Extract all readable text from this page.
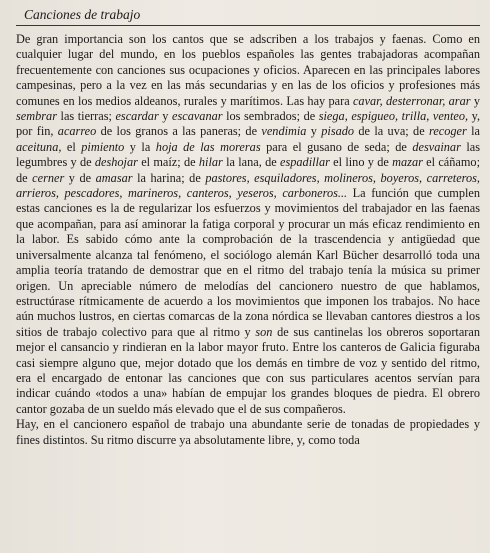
Canciones de trabajo

De gran importancia son los cantos que se adscriben a los trabajos y faenas. Como en cualquier lugar del mundo, en los pueblos españoles las gentes trabajadoras acompañan frecuentemente con canciones sus ocupaciones y oficios. Aparecen en las principales labores campesinas, pero a la vez en las más secundarias y en las de los oficios y profesiones más comunes en los medios aldeanos, rurales y marítimos. Las hay para cavar, desterronar, arar y sembrar las tierras; escardar y escavanar los sembrados; de siega, espigueo, trilla, venteo, y, por fin, acarreo de los granos a las paneras; de vendimia y pisado de la uva; de recoger la aceituna, el pimiento y la hoja de las moreras para el gusano de seda; de desvainar las legumbres y de deshojar el maíz; de hilar la lana, de espadillar el lino y de mazar el cáñamo; de cerner y de amasar la harina; de pastores, esquiladores, molineros, boyeros, carreteros, arrieros, pescadores, marineros, canteros, yeseros, carboneros... La función que cumplen estas canciones es la de regularizar los esfuerzos y movimientos del trabajador en las faenas que acompañan, para así aminorar la fatiga corporal y procurar un más eficaz rendimiento en la labor. Es sabido cómo ante la comprobación de la trascendencia y antigüedad que universalmente alcanza tal fenómeno, el sociólogo alemán Karl Bücher desarrolló toda una amplia teoría tratando de demostrar que en el ritmo del trabajo tenía la música su primer origen. Un apreciable número de melodías del cancionero nuestro de que hablamos, estructúrase rítmicamente de acuerdo a los movimientos que imponen los trabajos. No hace aún muchos lustros, en ciertas comarcas de la zona nórdica se llevaban cantores diestros a los sitios de trabajo colectivo para que al ritmo y son de sus cantinelas los obreros soportaran mejor el cansancio y rindieran en la labor mayor fruto. Entre los canteros de Galicia figuraba casi siempre alguno que, mejor dotado que los demás en timbre de voz y sentido del ritmo, era el encargado de entonar las canciones que con sus particulares acentos servían para indicar cuándo «todos a una» habían de empujar los grandes bloques de piedra. El obrero cantor gozaba de un sueldo más elevado que el de sus compañeros.

Hay, en el cancionero español de trabajo una abundante serie de tonadas de propiedades y fines distintos. Su ritmo discurre ya absolutamente libre, y, como toda
